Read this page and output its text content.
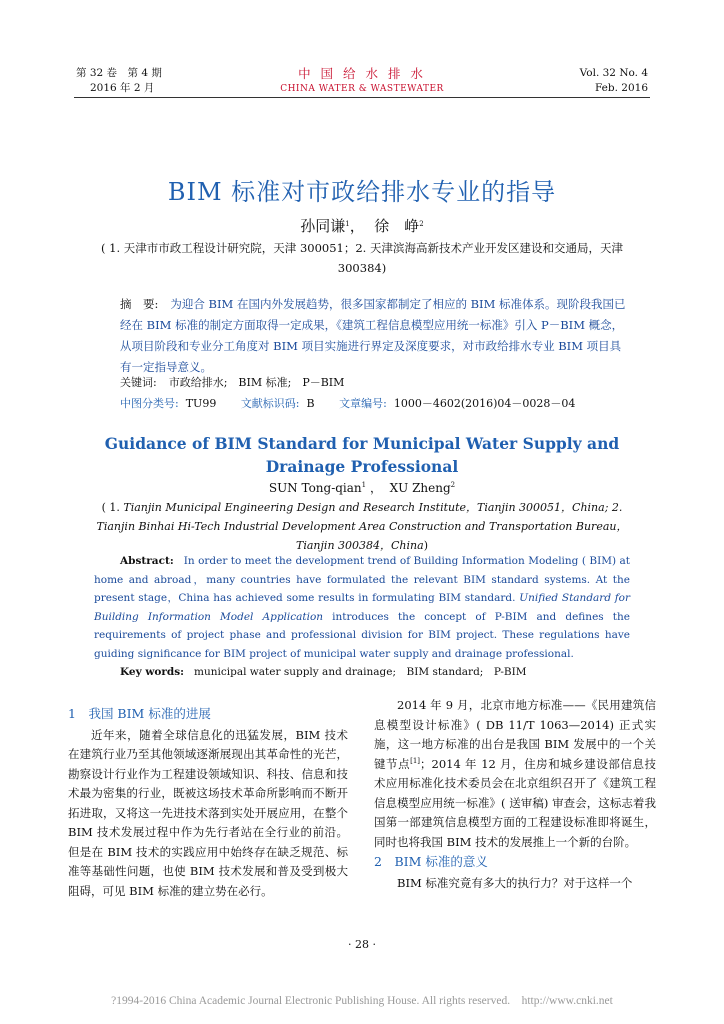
第 32 卷　第 4 期
2016 年 2 月
中 国 给 水 排 水
CHINA WATER & WASTEWATER
Vol. 32 No. 4
Feb. 2016
BIM 标准对市政给排水专业的指导
孙同谦$^1$， 徐　峥$^2$
( 1. 天津市市政工程设计研究院，天津 300051；2. 天津滨海高新技术产业开发区建设和交通局，天津 300384)
摘　要: 为迎合 BIM 在国内外发展趋势，很多国家都制定了相应的 BIM 标准体系。现阶段我国已经在 BIM 标准的制定方面取得一定成果，《建筑工程信息模型应用统一标准》引入 P－BIM 概念，从项目阶段和专业分工角度对 BIM 项目实施进行界定及深度要求，对市政给排水专业 BIM 项目具有一定指导意义。
关键词: 市政给排水;　BIM 标准;　P－BIM
中图分类号: TU99 文献标识码: B 文章编号: 1000－4602(2016)04－0028－04
Guidance of BIM Standard for Municipal Water Supply and Drainage Professional
SUN Tong-qian$^1$ ， XU Zheng$^2$
( 1. Tianjin Municipal Engineering Design and Research Institute，Tianjin 300051，China; 2. Tianjin Binhai Hi-Tech Industrial Development Area Construction and Transportation Bureau，Tianjin 300384，China)
Abstract: In order to meet the development trend of Building Information Modeling ( BIM) at home and abroad，many countries have formulated the relevant BIM standard systems. At the present stage，China has achieved some results in formulating BIM standard. Unified Standard for Building Information Model Application introduces the concept of P-BIM and defines the requirements of project phase and professional division for BIM project. These regulations have guiding significance for BIM project of municipal water supply and drainage professional.
Key words: municipal water supply and drainage;　BIM standard;　P-BIM
1　我国 BIM 标准的进展
近年来，随着全球信息化的迅猛发展，BIM 技术在建筑行业乃至其他领域逐渐展现出其革命性的光芒，勘察设计行业作为工程建设领域知识、科技、信息和技术最为密集的行业，既被这场技术革命所影响而不断开拓进取，又将这一先进技术落到实处开展应用，在整个 BIM 技术发展过程中作为先行者站在全行业的前沿。但是在 BIM 技术的实践应用中始终存在缺乏规范、标准等基础性问题，也使 BIM 技术发展和普及受到极大阻碍，可见 BIM 标准的建立势在必行。
2014 年 9 月，北京市地方标准——《民用建筑信息模型设计标准》( DB 11/T 1063—2014) 正式实施，这一地方标准的出台是我国 BIM 发展中的一个关键节点[1]；2014 年 12 月，住房和城乡建设部信息技术应用标准化技术委员会在北京组织召开了《建筑工程信息模型应用统一标准》( 送审稿) 审查会，这标志着我国第一部建筑信息模型方面的工程建设标准即将诞生，同时也将我国 BIM 技术的发展推上一个新的台阶。
2　BIM 标准的意义
BIM 标准究竟有多大的执行力？对于这样一个
· 28 ·
?1994-2016 China Academic Journal Electronic Publishing House. All rights reserved.　http://www.cnki.net
